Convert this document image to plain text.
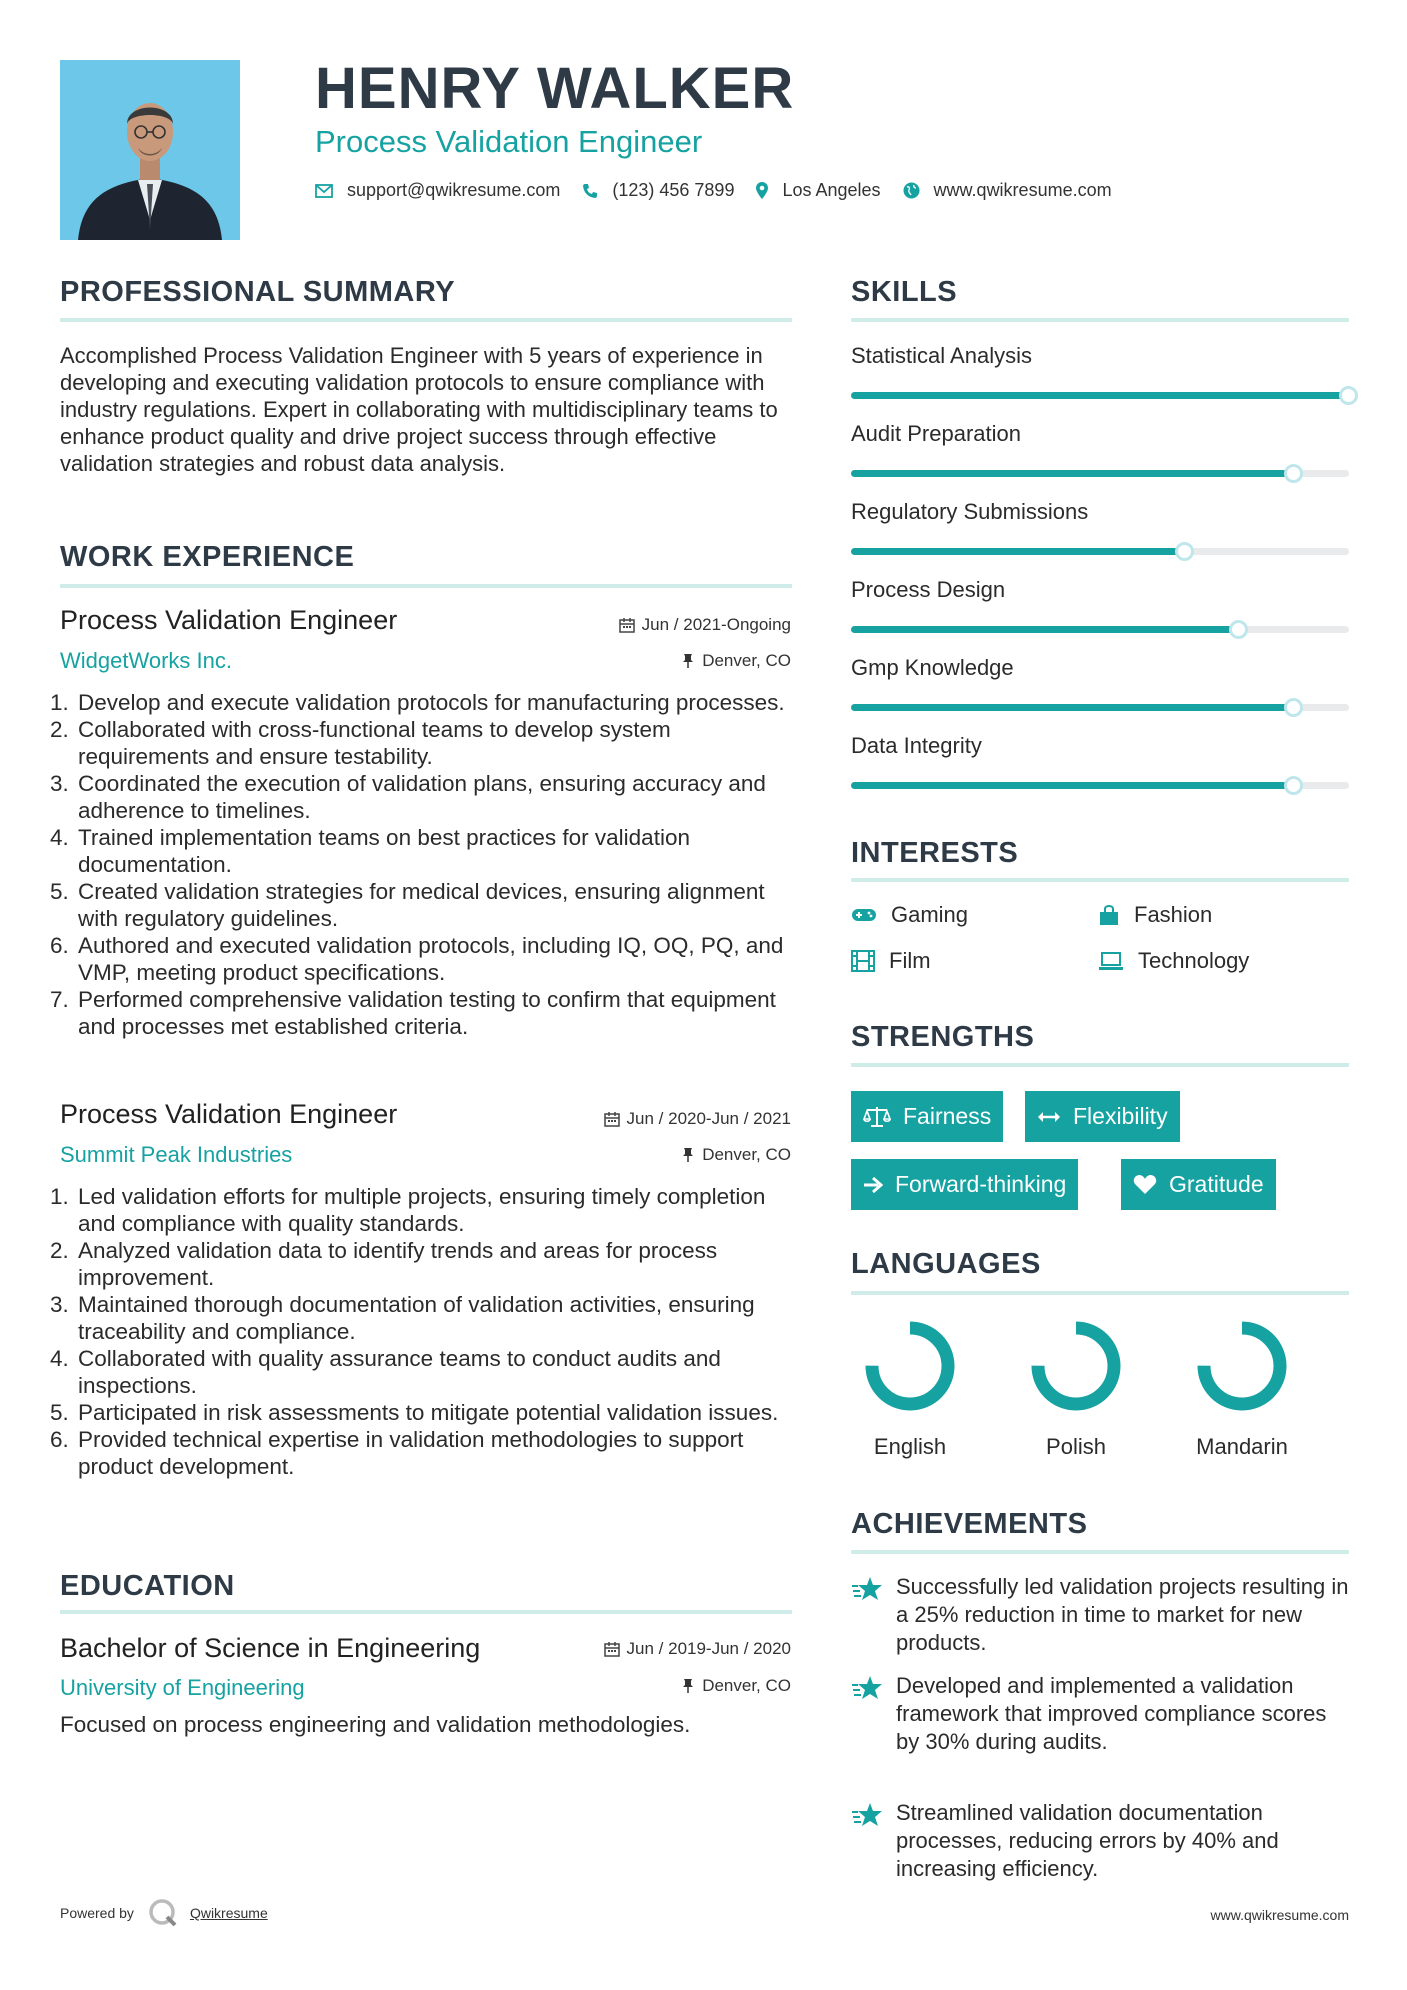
HENRY WALKER
Process Validation Engineer
support@qwikresume.com	(123) 456 7899	Los Angeles	www.qwikresume.com
PROFESSIONAL SUMMARY
Accomplished Process Validation Engineer with 5 years of experience in developing and executing validation protocols to ensure compliance with industry regulations. Expert in collaborating with multidisciplinary teams to enhance product quality and drive project success through effective validation strategies and robust data analysis.
WORK EXPERIENCE
Process Validation Engineer	Jun / 2021-Ongoing
WidgetWorks Inc.	Denver, CO
1. Develop and execute validation protocols for manufacturing processes.
2. Collaborated with cross-functional teams to develop system requirements and ensure testability.
3. Coordinated the execution of validation plans, ensuring accuracy and adherence to timelines.
4. Trained implementation teams on best practices for validation documentation.
5. Created validation strategies for medical devices, ensuring alignment with regulatory guidelines.
6. Authored and executed validation protocols, including IQ, OQ, PQ, and VMP, meeting product specifications.
7. Performed comprehensive validation testing to confirm that equipment and processes met established criteria.
Process Validation Engineer	Jun / 2020-Jun / 2021
Summit Peak Industries	Denver, CO
1. Led validation efforts for multiple projects, ensuring timely completion and compliance with quality standards.
2. Analyzed validation data to identify trends and areas for process improvement.
3. Maintained thorough documentation of validation activities, ensuring traceability and compliance.
4. Collaborated with quality assurance teams to conduct audits and inspections.
5. Participated in risk assessments to mitigate potential validation issues.
6. Provided technical expertise in validation methodologies to support product development.
EDUCATION
Bachelor of Science in Engineering	Jun / 2019-Jun / 2020
University of Engineering	Denver, CO
Focused on process engineering and validation methodologies.
SKILLS
Statistical Analysis
Audit Preparation
Regulatory Submissions
Process Design
Gmp Knowledge
Data Integrity
INTERESTS
Gaming	Fashion
Film	Technology
STRENGTHS
Fairness	Flexibility
Forward-thinking	Gratitude
LANGUAGES
English	Polish	Mandarin
ACHIEVEMENTS
Successfully led validation projects resulting in a 25% reduction in time to market for new products.
Developed and implemented a validation framework that improved compliance scores by 30% during audits.
Streamlined validation documentation processes, reducing errors by 40% and increasing efficiency.
Powered by	Qwikresume	www.qwikresume.com
